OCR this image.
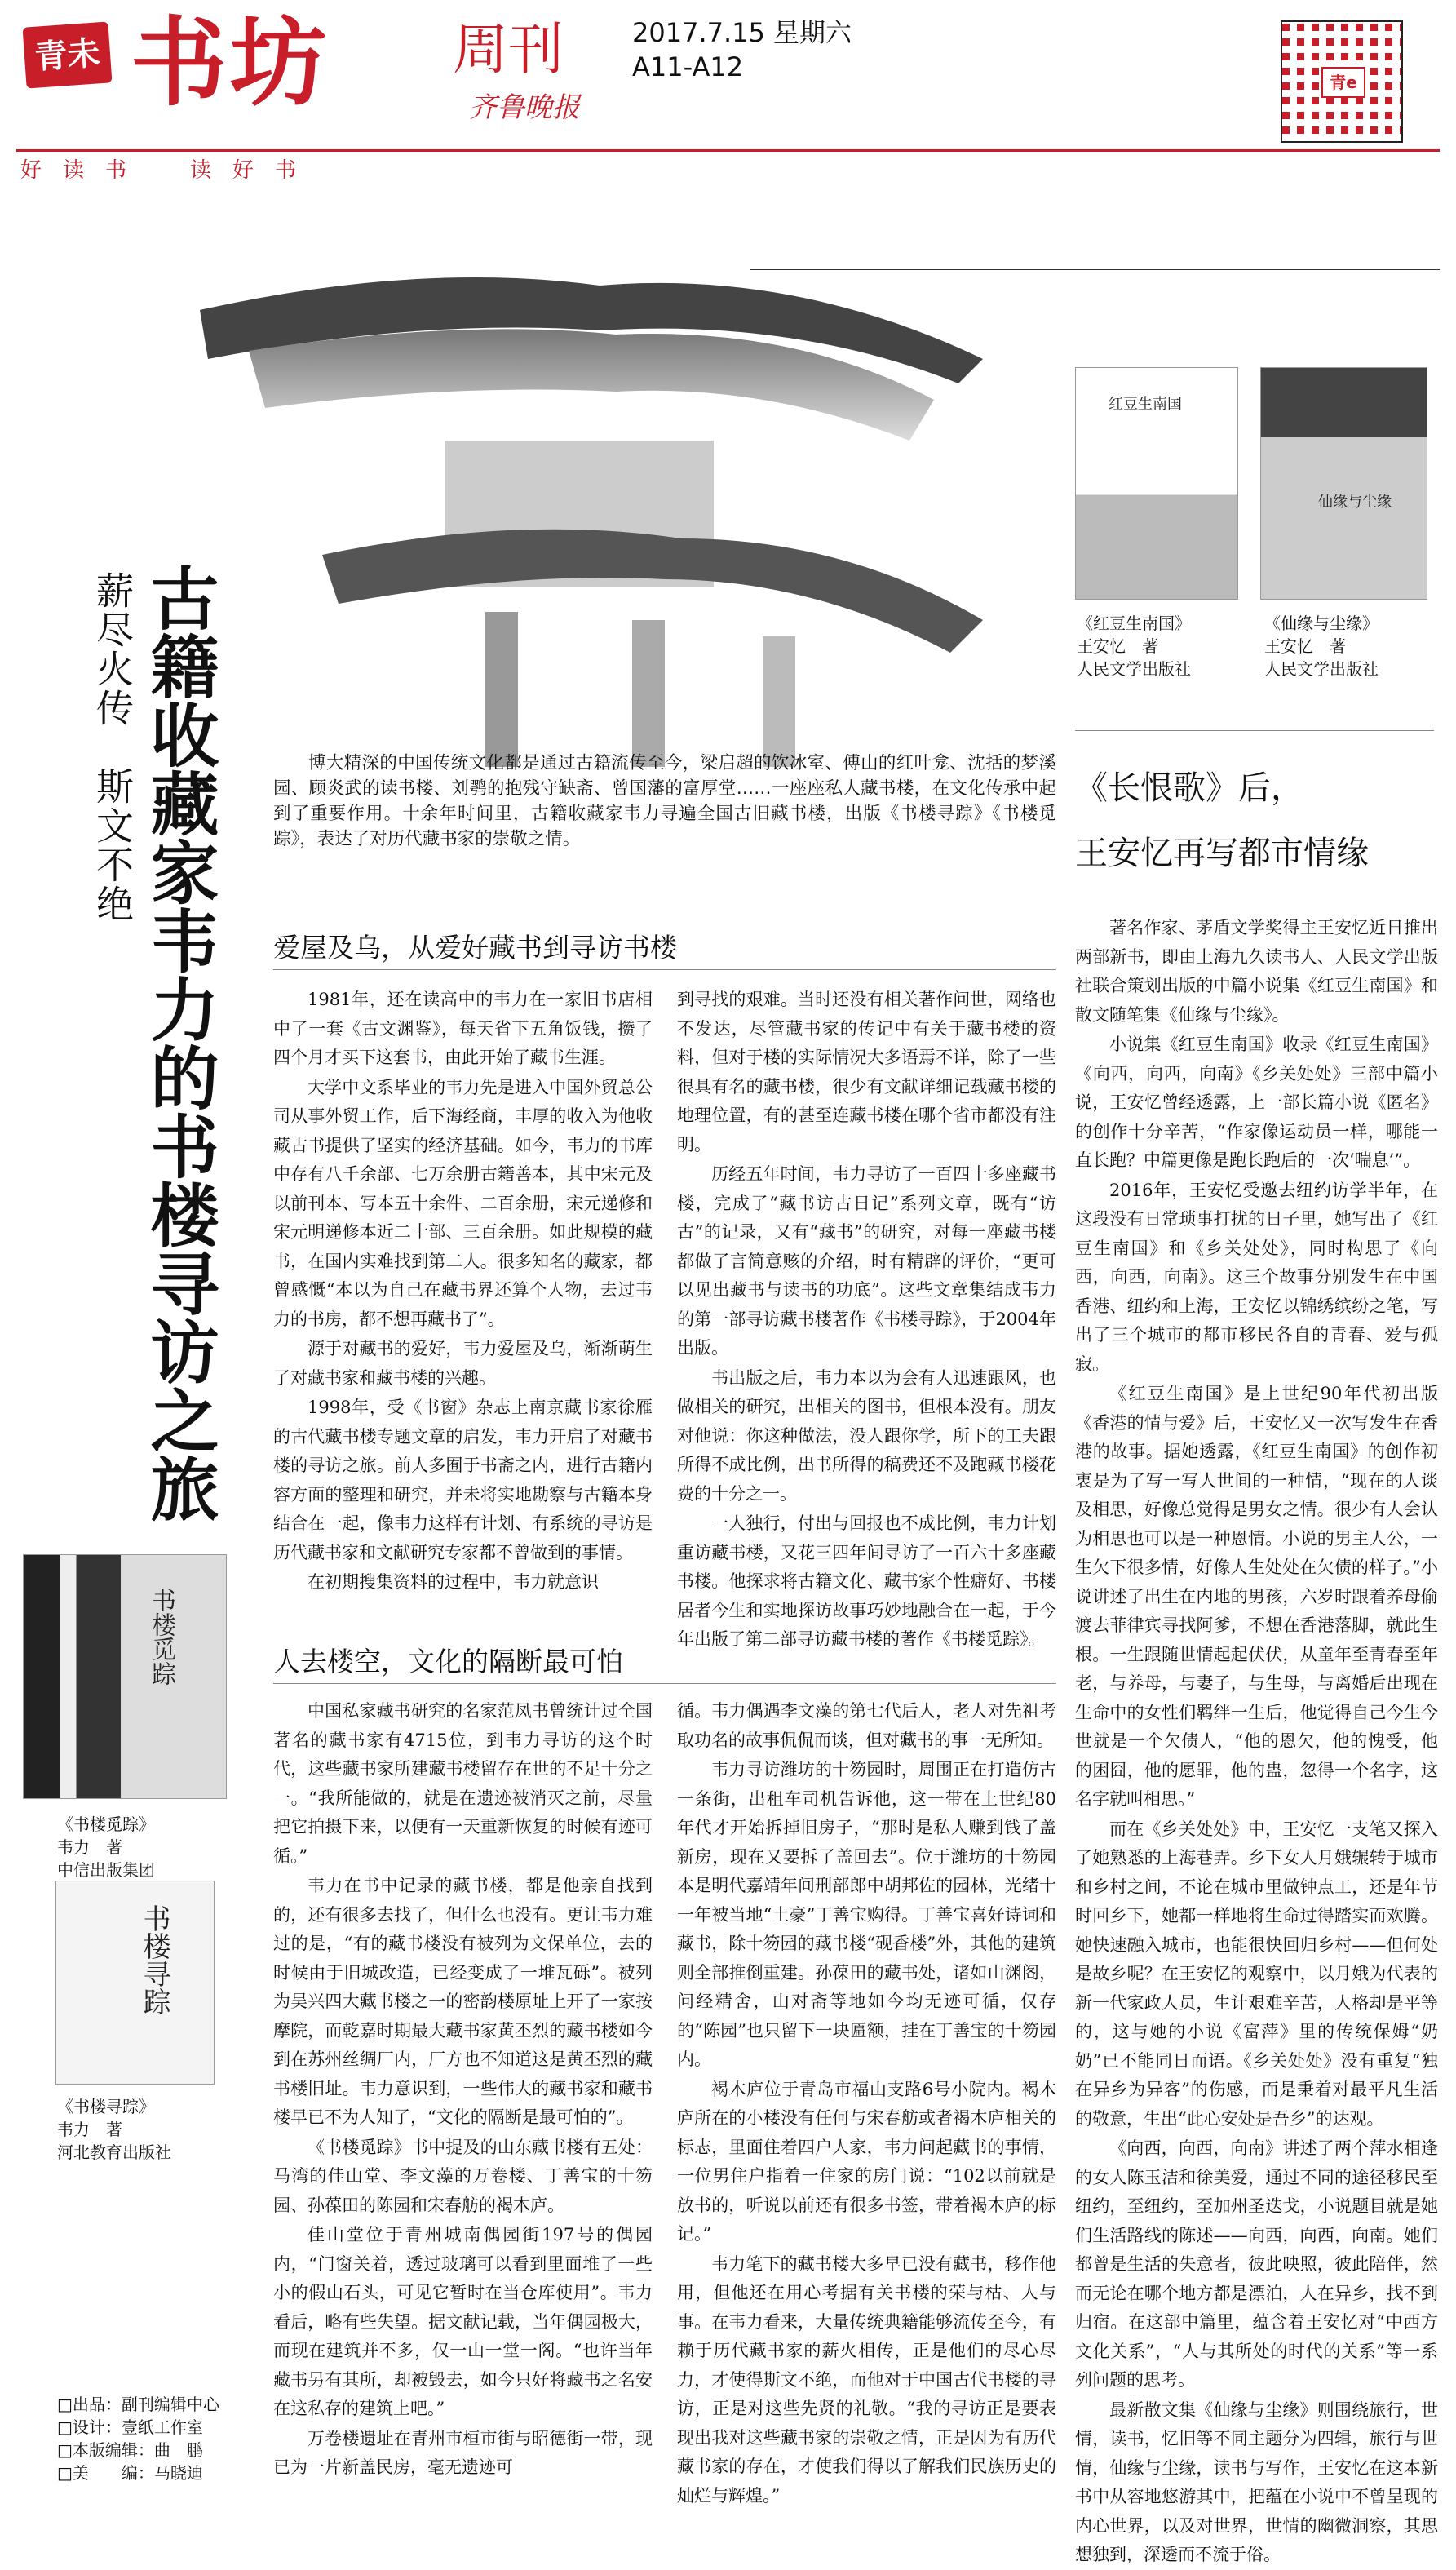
青未了 书坊 周刊
齐鲁晚报
2017.7.15 星期六
A11-A12	青e
好　读　书　　　读　好　书
薪尽火传　斯文不绝 古籍收藏家韦力的书楼寻访之旅	博大精深的中国传统文化都是通过古籍流传至今，梁启超的饮冰室、傅山的红叶龛、沈括的梦溪园、顾炎武的读书楼、刘鹗的抱残守缺斋、曾国藩的富厚堂……一座座私人藏书楼，在文化传承中起到了重要作用。十余年时间里，古籍收藏家韦力寻遍全国古旧藏书楼，出版《书楼寻踪》《书楼觅踪》，表达了对历代藏书家的崇敬之情。
爱屋及乌，从爱好藏书到寻访书楼

1981年，还在读高中的韦力在一家旧书店相中了一套《古文渊鉴》，每天省下五角饭钱，攒了四个月才买下这套书，由此开始了藏书生涯。

大学中文系毕业的韦力先是进入中国外贸总公司从事外贸工作，后下海经商，丰厚的收入为他收藏古书提供了坚实的经济基础。如今，韦力的书库中存有八千余部、七万余册古籍善本，其中宋元及以前刊本、写本五十余件、二百余册，宋元递修和宋元明递修本近二十部、三百余册。如此规模的藏书，在国内实难找到第二人。很多知名的藏家，都曾感慨“本以为自己在藏书界还算个人物，去过韦力的书房，都不想再藏书了”。

源于对藏书的爱好，韦力爱屋及乌，渐渐萌生了对藏书家和藏书楼的兴趣。

1998年，受《书窗》杂志上南京藏书家徐雁的古代藏书楼专题文章的启发，韦力开启了对藏书楼的寻访之旅。前人多囿于书斋之内，进行古籍内容方面的整理和研究，并未将实地勘察与古籍本身结合在一起，像韦力这样有计划、有系统的寻访是历代藏书家和文献研究专家都不曾做到的事情。

在初期搜集资料的过程中，韦力就意识

到寻找的艰难。当时还没有相关著作问世，网络也不发达，尽管藏书家的传记中有关于藏书楼的资料，但对于楼的实际情况大多语焉不详，除了一些很具有名的藏书楼，很少有文献详细记载藏书楼的地理位置，有的甚至连藏书楼在哪个省市都没有注明。

历经五年时间，韦力寻访了一百四十多座藏书楼，完成了“藏书访古日记”系列文章，既有“访古”的记录，又有“藏书”的研究，对每一座藏书楼都做了言简意赅的介绍，时有精辟的评价，“更可以见出藏书与读书的功底”。这些文章集结成韦力的第一部寻访藏书楼著作《书楼寻踪》，于2004年出版。

书出版之后，韦力本以为会有人迅速跟风，也做相关的研究，出相关的图书，但根本没有。朋友对他说：你这种做法，没人跟你学，所下的工夫跟所得不成比例，出书所得的稿费还不及跑藏书楼花费的十分之一。

一人独行，付出与回报也不成比例，韦力计划重访藏书楼，又花三四年间寻访了一百六十多座藏书楼。他探求将古籍文化、藏书家个性癖好、书楼居者今生和实地探访故事巧妙地融合在一起，于今年出版了第二部寻访藏书楼的著作《书楼觅踪》。

人去楼空，文化的隔断最可怕

中国私家藏书研究的名家范凤书曾统计过全国著名的藏书家有4715位，到韦力寻访的这个时代，这些藏书家所建藏书楼留存在世的不足十分之一。“我所能做的，就是在遗迹被消灭之前，尽量把它拍摄下来，以便有一天重新恢复的时候有迹可循。”

韦力在书中记录的藏书楼，都是他亲自找到的，还有很多去找了，但什么也没有。更让韦力难过的是，“有的藏书楼没有被列为文保单位，去的时候由于旧城改造，已经变成了一堆瓦砾”。被列为吴兴四大藏书楼之一的密韵楼原址上开了一家按摩院，而乾嘉时期最大藏书家黄丕烈的藏书楼如今到在苏州丝绸厂内，厂方也不知道这是黄丕烈的藏书楼旧址。韦力意识到，一些伟大的藏书家和藏书楼早已不为人知了，“文化的隔断是最可怕的”。

《书楼觅踪》书中提及的山东藏书楼有五处：马湾的佳山堂、李文藻的万卷楼、丁善宝的十笏园、孙葆田的陈园和宋春舫的褐木庐。

佳山堂位于青州城南偶园街197号的偶园内，“门窗关着，透过玻璃可以看到里面堆了一些小的假山石头，可见它暂时在当仓库使用”。韦力看后，略有些失望。据文献记载，当年偶园极大，而现在建筑并不多，仅一山一堂一阁。“也许当年藏书另有其所，却被毁去，如今只好将藏书之名安在这私存的建筑上吧。”

万卷楼遗址在青州市桓市街与昭德街一带，现已为一片新盖民房，毫无遗迹可

循。韦力偶遇李文藻的第七代后人，老人对先祖考取功名的故事侃侃而谈，但对藏书的事一无所知。

韦力寻访潍坊的十笏园时，周围正在打造仿古一条街，出租车司机告诉他，这一带在上世纪80年代才开始拆掉旧房子，“那时是私人赚到钱了盖新房，现在又要拆了盖回去”。位于潍坊的十笏园本是明代嘉靖年间刑部郎中胡邦佐的园林，光绪十一年被当地“土豪”丁善宝购得。丁善宝喜好诗词和藏书，除十笏园的藏书楼“砚香楼”外，其他的建筑则全部推倒重建。孙葆田的藏书处，诸如山渊阁，问经精舍，山对斋等地如今均无迹可循，仅存的“陈园”也只留下一块匾额，挂在丁善宝的十笏园内。

褐木庐位于青岛市福山支路6号小院内。褐木庐所在的小楼没有任何与宋春舫或者褐木庐相关的标志，里面住着四户人家，韦力问起藏书的事情，一位男住户指着一住家的房门说：“102以前就是放书的，听说以前还有很多书签，带着褐木庐的标记。”

韦力笔下的藏书楼大多早已没有藏书，移作他用，但他还在用心考据有关书楼的荣与枯、人与事。在韦力看来，大量传统典籍能够流传至今，有赖于历代藏书家的薪火相传，正是他们的尽心尽力，才使得斯文不绝，而他对于中国古代书楼的寻访，正是对这些先贤的礼敬。“我的寻访正是要表现出我对这些藏书家的崇敬之情，正是因为有历代藏书家的存在，才使我们得以了解我们民族历史的灿烂与辉煌。”

书楼觅踪
《书楼觅踪》
韦力　著
中信出版集团
书楼寻踪
《书楼寻踪》
韦力　著
河北教育出版社
□出品：副刊编辑中心
□设计：壹纸工作室
□本版编辑：曲　鹏
□美　　编：马晓迪
红豆生南国
《红豆生南国》
王安忆　著
人民文学出版社
仙缘与尘缘
《仙缘与尘缘》
王安忆　著
人民文学出版社
《长恨歌》后，
王安忆再写都市情缘

著名作家、茅盾文学奖得主王安忆近日推出两部新书，即由上海九久读书人、人民文学出版社联合策划出版的中篇小说集《红豆生南国》和散文随笔集《仙缘与尘缘》。

小说集《红豆生南国》收录《红豆生南国》《向西，向西，向南》《乡关处处》三部中篇小说，王安忆曾经透露，上一部长篇小说《匿名》的创作十分辛苦，“作家像运动员一样，哪能一直长跑？中篇更像是跑长跑后的一次‘喘息’”。

2016年，王安忆受邀去纽约访学半年，在这段没有日常琐事打扰的日子里，她写出了《红豆生南国》和《乡关处处》，同时构思了《向西，向西，向南》。这三个故事分别发生在中国香港、纽约和上海，王安忆以锦绣缤纷之笔，写出了三个城市的都市移民各自的青春、爱与孤寂。

《红豆生南国》是上世纪90年代初出版《香港的情与爱》后，王安忆又一次写发生在香港的故事。据她透露，《红豆生南国》的创作初衷是为了写一写人世间的一种情，“现在的人谈及相思，好像总觉得是男女之情。很少有人会认为相思也可以是一种恩情。小说的男主人公，一生欠下很多情，好像人生处处在欠债的样子。”小说讲述了出生在内地的男孩，六岁时跟着养母偷渡去菲律宾寻找阿爹，不想在香港落脚，就此生根。一生跟随世情起起伏伏，从童年至青春至年老，与养母，与妻子，与生母，与离婚后出现在生命中的女性们羁绊一生后，他觉得自己今生今世就是一个欠债人，“他的恩欠，他的愧受，他的困囧，他的愿罪，他的蛊，忽得一个名字，这名字就叫相思。”

而在《乡关处处》中，王安忆一支笔又探入了她熟悉的上海巷弄。乡下女人月娥辗转于城市和乡村之间，不论在城市里做钟点工，还是年节时回乡下，她都一样地将生命过得踏实而欢腾。她快速融入城市，也能很快回归乡村——但何处是故乡呢？在王安忆的观察中，以月娥为代表的新一代家政人员，生计艰难辛苦，人格却是平等的，这与她的小说《富萍》里的传统保姆“奶奶”已不能同日而语。《乡关处处》没有重复“独在异乡为异客”的伤感，而是秉着对最平凡生活的敬意，生出“此心安处是吾乡”的达观。

《向西，向西，向南》讲述了两个萍水相逢的女人陈玉洁和徐美爱，通过不同的途径移民至纽约，至纽约，至加州圣迭戈，小说题目就是她们生活路线的陈述——向西，向西，向南。她们都曾是生活的失意者，彼此映照，彼此陪伴，然而无论在哪个地方都是漂泊，人在异乡，找不到归宿。在这部中篇里，蕴含着王安忆对“中西方文化关系”，“人与其所处的时代的关系”等一系列问题的思考。

最新散文集《仙缘与尘缘》则围绕旅行，世情，读书，忆旧等不同主题分为四辑，旅行与世情，仙缘与尘缘，读书与写作，王安忆在这本新书中从容地悠游其中，把蕴在小说中不曾呈现的内心世界，以及对世界，世情的幽微洞察，其思想独到，深透而不流于俗。
